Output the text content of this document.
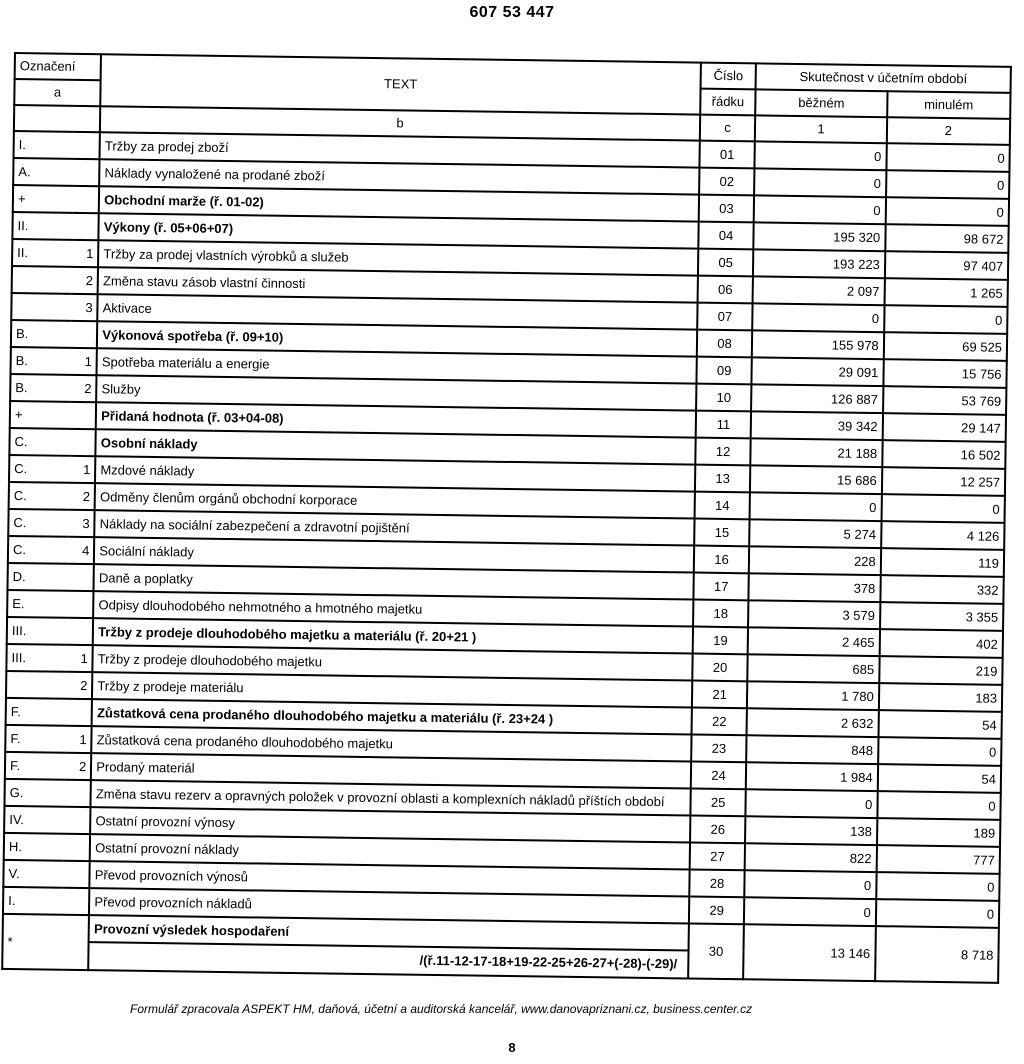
607 53 447
Označení		TEXT	Číslo	Skutečnost v účetním období	
a			řádku	běžném	minulém
		b	c	1	2
I.		Tržby za prodej zboží	01	0	0
A.		Náklady vynaložené na prodané zboží	02	0	0
+		Obchodní marže (ř. 01-02)	03	0	0
II.		Výkony (ř. 05+06+07)	04	195 320	98 672
II.	1	Tržby za prodej vlastních výrobků a služeb	05	193 223	97 407
	2	Změna stavu zásob vlastní činnosti	06	2 097	1 265
	3	Aktivace	07	0	0
B.		Výkonová spotřeba (ř. 09+10)	08	155 978	69 525
B.	1	Spotřeba materiálu a energie	09	29 091	15 756
B.	2	Služby	10	126 887	53 769
+		Přidaná hodnota (ř. 03+04-08)	11	39 342	29 147
C.		Osobní náklady	12	21 188	16 502
C.	1	Mzdové náklady	13	15 686	12 257
C.	2	Odměny členům orgánů obchodní korporace	14	0	0
C.	3	Náklady na sociální zabezpečení a zdravotní pojištění	15	5 274	4 126
C.	4	Sociální náklady	16	228	119
D.		Daně a poplatky	17	378	332
E.		Odpisy dlouhodobého nehmotného a hmotného majetku	18	3 579	3 355
III.		Tržby z prodeje dlouhodobého majetku a materiálu (ř. 20+21 )	19	2 465	402
III.	1	Tržby z prodeje dlouhodobého majetku	20	685	219
	2	Tržby z prodeje materiálu	21	1 780	183
F.		Zůstatková cena prodaného dlouhodobého majetku a materiálu (ř. 23+24 )	22	2 632	54
F.	1	Zůstatková cena prodaného dlouhodobého majetku	23	848	0
F.	2	Prodaný materiál	24	1 984	54
G.		Změna stavu rezerv a opravných položek v provozní oblasti a komplexních nákladů příštích období	25	0	0
IV.		Ostatní provozní výnosy	26	138	189
H.		Ostatní provozní náklady	27	822	777
V.		Převod provozních výnosů	28	0	0
I.		Převod provozních nákladů	29	0	0
*		Provozní výsledek hospodaření	30	13 146	8 718
		/(ř.11-12-17-18+19-22-25+26-27+(-28)-(-29)/			
Formulář zpracovala ASPEKT HM, daňová, účetní a auditorská kancelář, www.danovapriznani.cz, business.center.cz
8
